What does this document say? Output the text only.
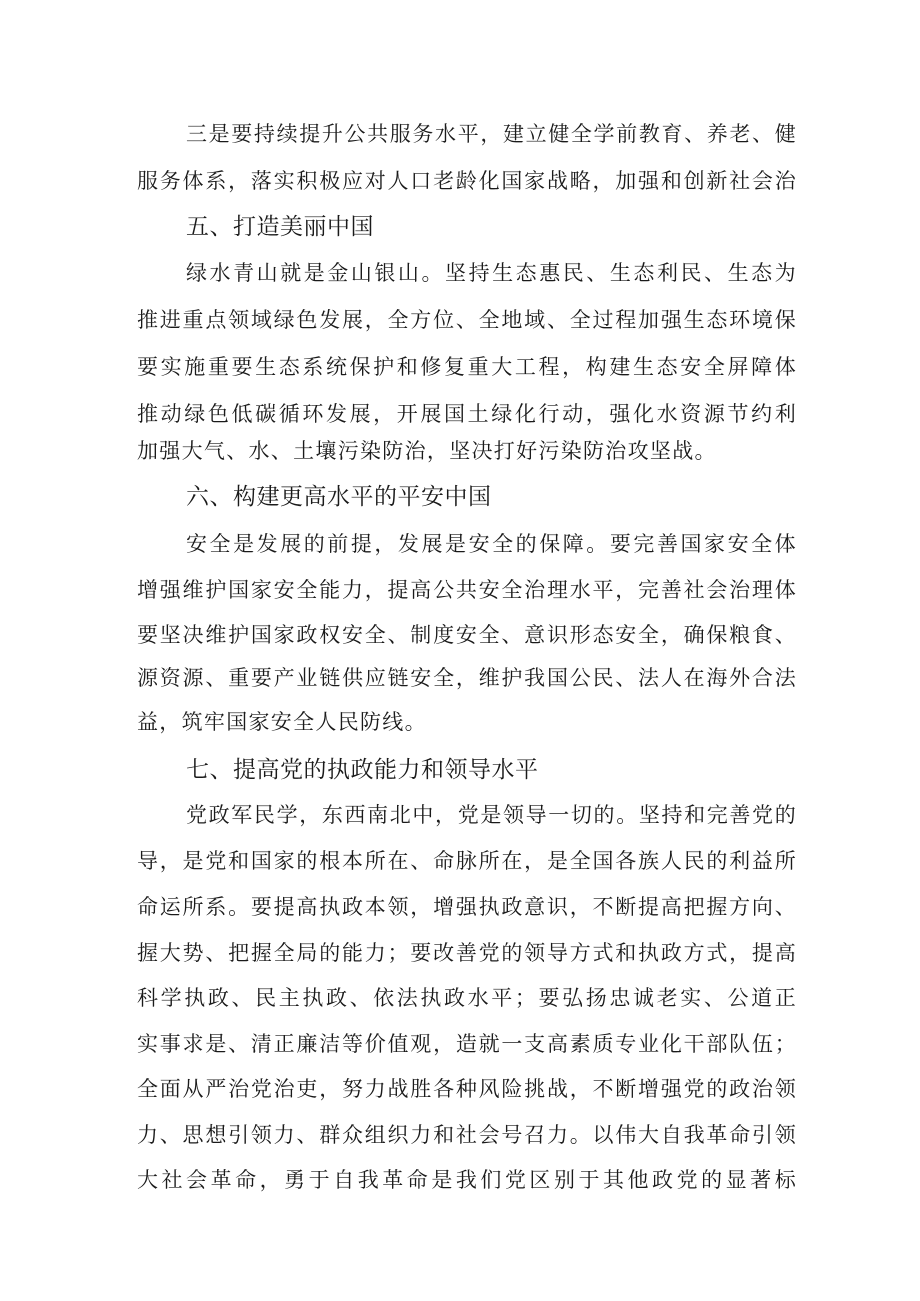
三是要持续提升公共服务水平，建立健全学前教育、养老、健

服务体系，落实积极应对人口老龄化国家战略，加强和创新社会治

五、打造美丽中国

绿水青山就是金山银山。坚持生态惠民、生态利民、生态为

推进重点领域绿色发展，全方位、全地域、全过程加强生态环境保

要实施重要生态系统保护和修复重大工程，构建生态安全屏障体

推动绿色低碳循环发展，开展国土绿化行动，强化水资源节约利

加强大气、水、土壤污染防治，坚决打好污染防治攻坚战。

六、构建更高水平的平安中国

安全是发展的前提，发展是安全的保障。要完善国家安全体

增强维护国家安全能力，提高公共安全治理水平，完善社会治理体

要坚决维护国家政权安全、制度安全、意识形态安全，确保粮食、

源资源、重要产业链供应链安全，维护我国公民、法人在海外合法

益，筑牢国家安全人民防线。

七、提高党的执政能力和领导水平

党政军民学，东西南北中，党是领导一切的。坚持和完善党的

导，是党和国家的根本所在、命脉所在，是全国各族人民的利益所

命运所系。要提高执政本领，增强执政意识，不断提高把握方向、

握大势、把握全局的能力；要改善党的领导方式和执政方式，提高

科学执政、民主执政、依法执政水平；要弘扬忠诚老实、公道正

实事求是、清正廉洁等价值观，造就一支高素质专业化干部队伍；

全面从严治党治吏，努力战胜各种风险挑战，不断增强党的政治领

力、思想引领力、群众组织力和社会号召力。以伟大自我革命引领

大社会革命，勇于自我革命是我们党区别于其他政党的显著标
